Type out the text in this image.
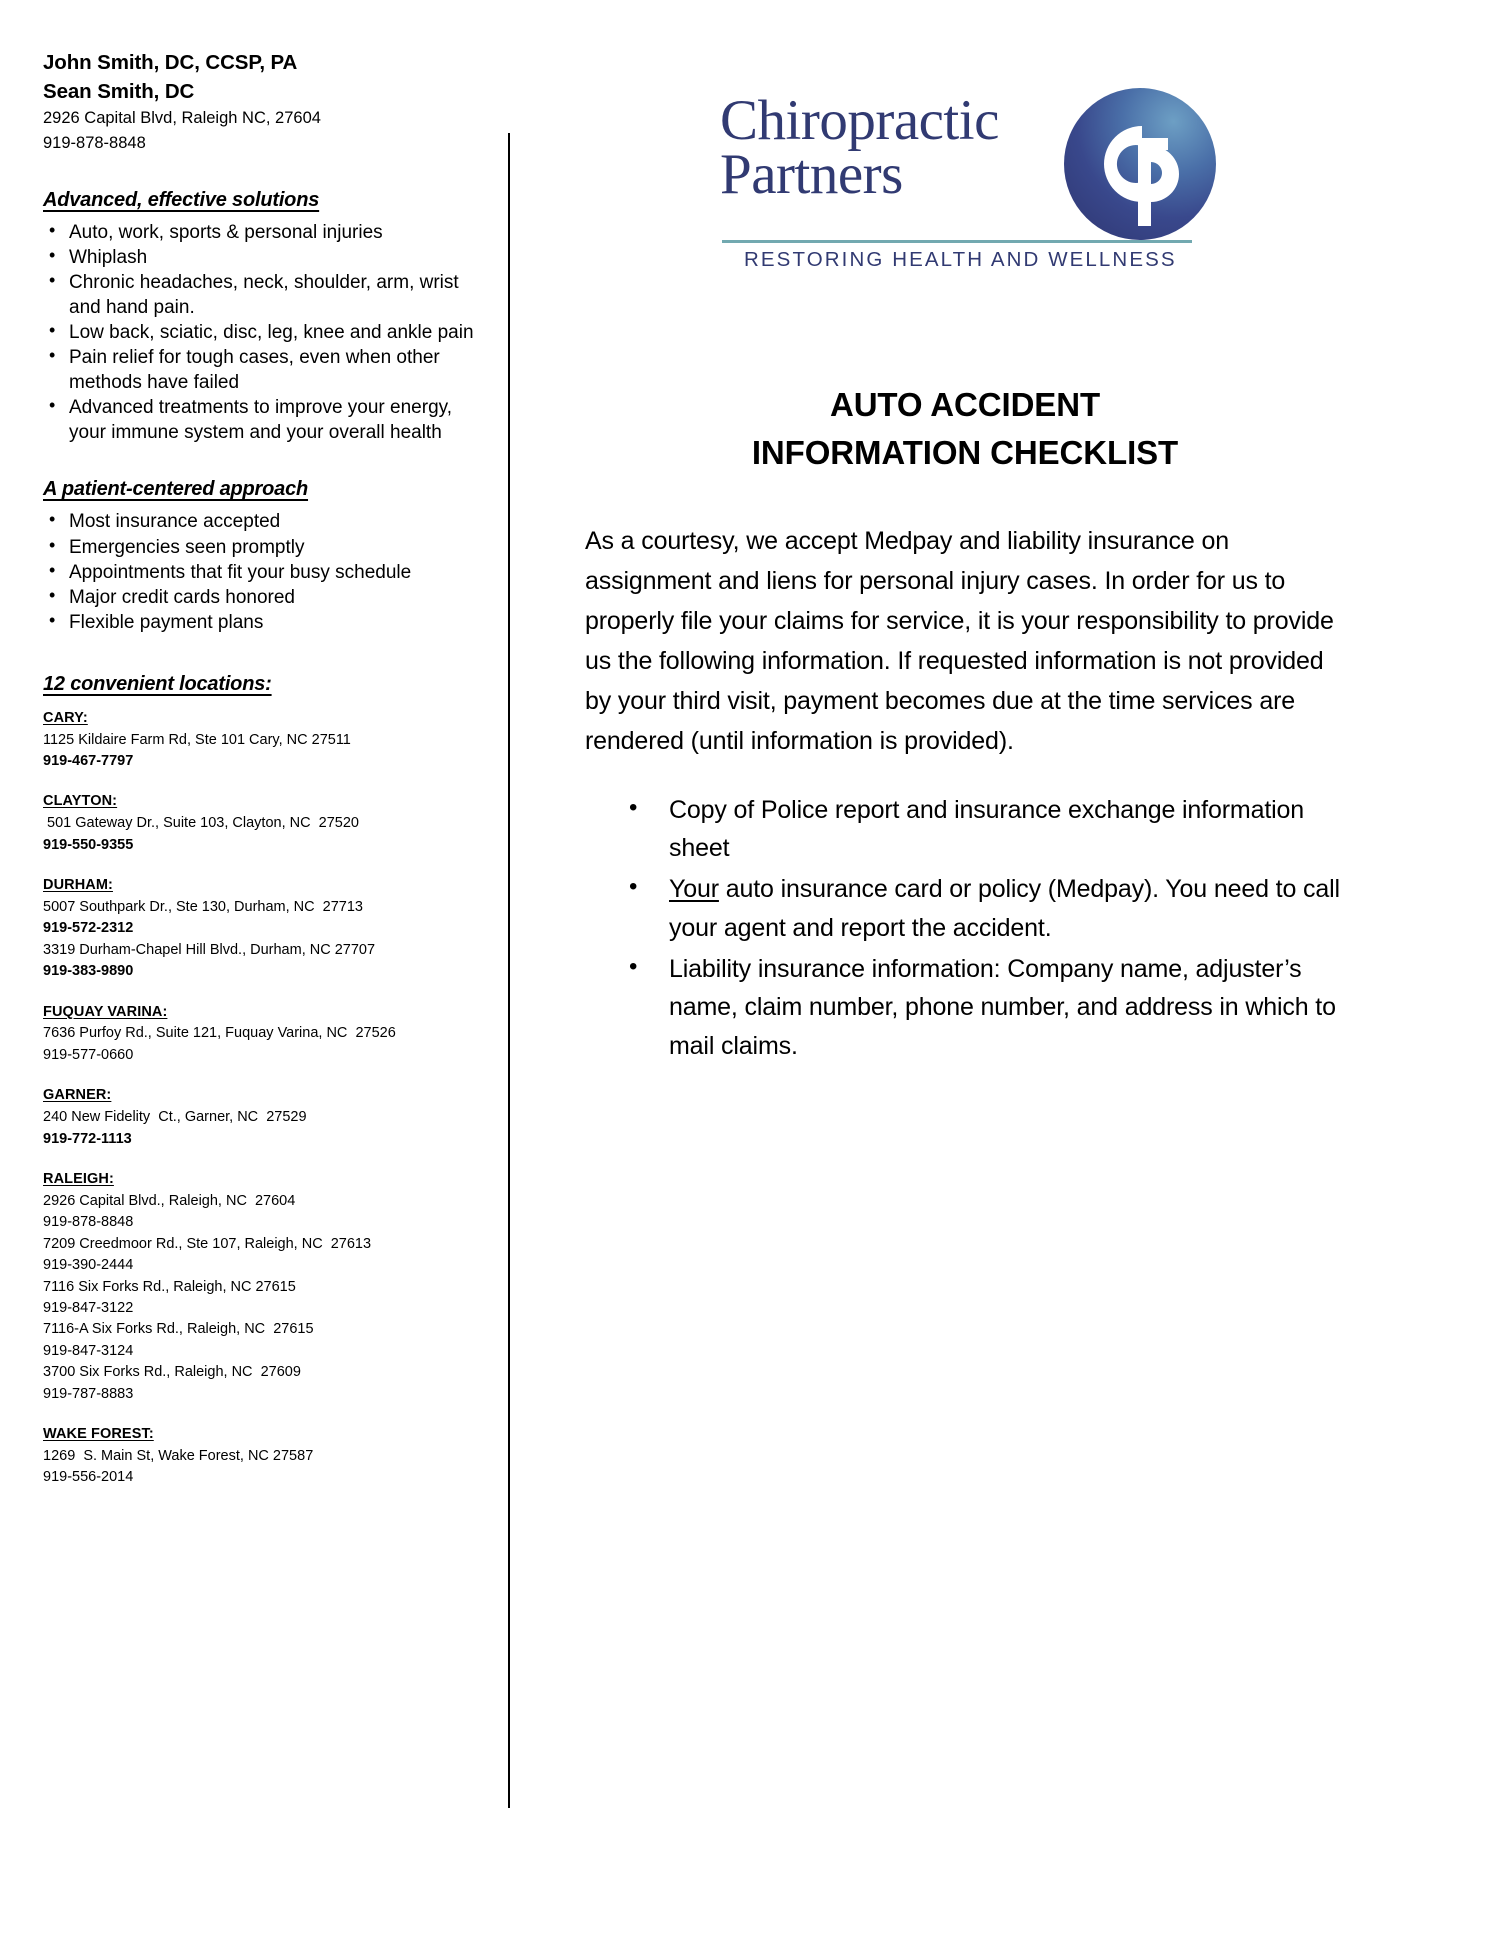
John Smith, DC, CCSP, PA
Sean Smith, DC
2926 Capital Blvd, Raleigh NC, 27604
919-878-8848
Advanced, effective solutions
• Auto, work, sports & personal injuries
• Whiplash
• Chronic headaches, neck, shoulder, arm, wrist and hand pain.
• Low back, sciatic, disc, leg, knee and ankle pain
• Pain relief for tough cases, even when other methods have failed
• Advanced treatments to improve your energy, your immune system and your overall health
A patient-centered approach
• Most insurance accepted
• Emergencies seen promptly
• Appointments that fit your busy schedule
• Major credit cards honored
• Flexible payment plans
12 convenient locations:
CARY:
1125 Kildaire Farm Rd, Ste 101 Cary, NC 27511
919-467-7797
CLAYTON:
501 Gateway Dr., Suite 103, Clayton, NC  27520
919-550-9355
DURHAM:
5007 Southpark Dr., Ste 130, Durham, NC  27713
919-572-2312
3319 Durham-Chapel Hill Blvd., Durham, NC 27707
919-383-9890
FUQUAY VARINA:
7636 Purfoy Rd., Suite 121, Fuquay Varina, NC  27526
919-577-0660
GARNER:
240 New Fidelity  Ct., Garner, NC  27529
919-772-1113
RALEIGH:
2926 Capital Blvd., Raleigh, NC  27604
919-878-8848
7209 Creedmoor Rd., Ste 107, Raleigh, NC  27613
919-390-2444
7116 Six Forks Rd., Raleigh, NC 27615
919-847-3122
7116-A Six Forks Rd., Raleigh, NC  27615
919-847-3124
3700 Six Forks Rd., Raleigh, NC  27609
919-787-8883
WAKE FOREST:
1269  S. Main St, Wake Forest, NC 27587
919-556-2014
Chiropractic
Partners
RESTORING HEALTH AND WELLNESS
AUTO ACCIDENT
INFORMATION CHECKLIST
As a courtesy, we accept Medpay and liability insurance on assignment and liens for personal injury cases. In order for us to properly file your claims for service, it is your responsibility to provide us the following information. If requested information is not provided by your third visit, payment becomes due at the time services are rendered (until information is provided).
• Copy of Police report and insurance exchange information sheet
• Your auto insurance card or policy (Medpay). You need to call your agent and report the accident.
• Liability insurance information: Company name, adjuster’s name, claim number, phone number, and address in which to mail claims.
